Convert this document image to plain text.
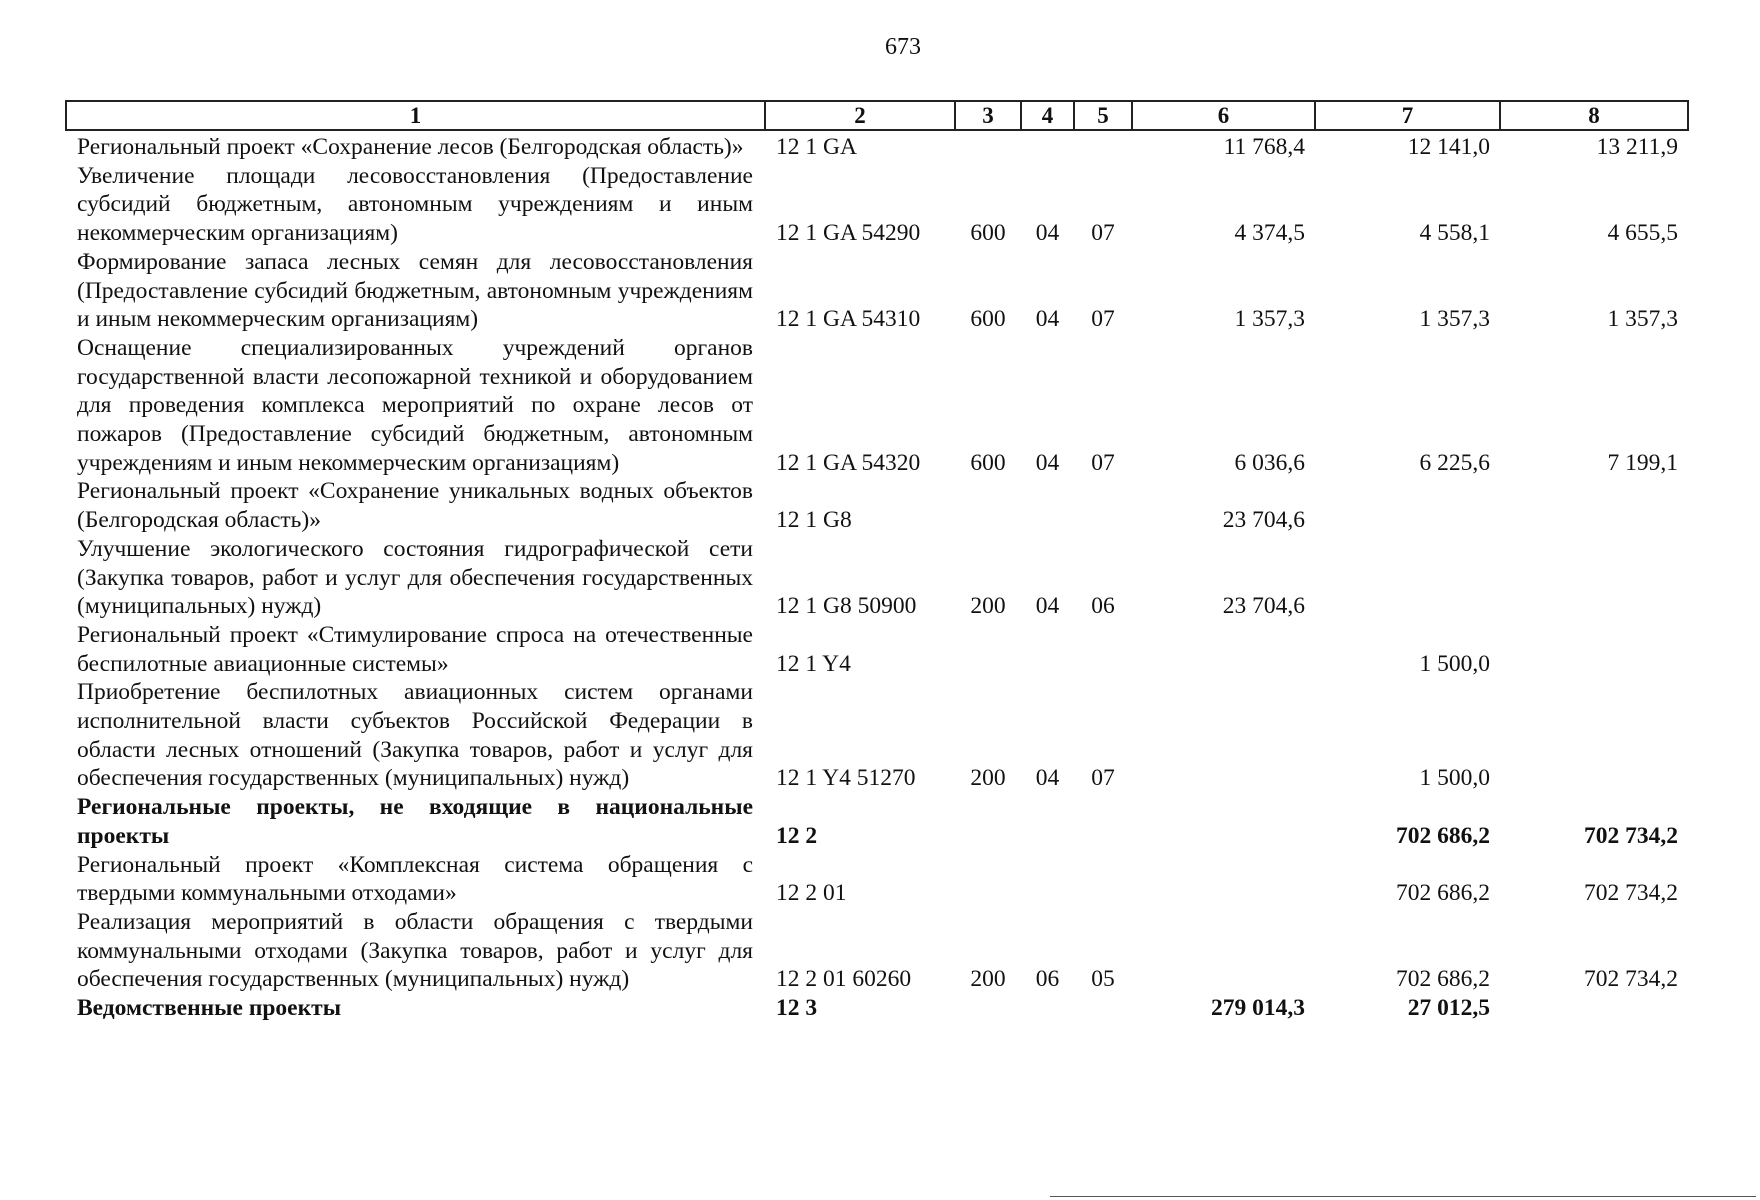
673
1	2	3	4	5	6	7	8
Региональный проект «Сохранение лесов (Белгородская область)»	12 1 GA				11 768,4	12 141,0	13 211,9
Увеличение площади лесовосстановления (Предоставление субсидий бюджетным, автономным учреждениям и иным некоммерческим организациям)	12 1 GA 54290	600	04	07	4 374,5	4 558,1	4 655,5
Формирование запаса лесных семян для лесовосстановления (Предоставление субсидий бюджетным, автономным учреждениям и иным некоммерческим организациям)	12 1 GA 54310	600	04	07	1 357,3	1 357,3	1 357,3
Оснащение специализированных учреждений органов государственной власти лесопожарной техникой и оборудованием для проведения комплекса мероприятий по охране лесов от пожаров (Предоставление субсидий бюджетным, автономным учреждениям и иным некоммерческим организациям)	12 1 GA 54320	600	04	07	6 036,6	6 225,6	7 199,1
Региональный проект «Сохранение уникальных водных объектов (Белгородская область)»	12 1 G8				23 704,6		
Улучшение экологического состояния гидрографической сети (Закупка товаров, работ и услуг для обеспечения государственных (муниципальных) нужд)	12 1 G8 50900	200	04	06	23 704,6		
Региональный проект «Стимулирование спроса на отечественные беспилотные авиационные системы»	12 1 Y4					1 500,0	
Приобретение беспилотных авиационных систем органами исполнительной власти субъектов Российской Федерации в области лесных отношений (Закупка товаров, работ и услуг для обеспечения государственных (муниципальных) нужд)	12 1 Y4 51270	200	04	07		1 500,0	
Региональные проекты, не входящие в национальные проекты	12 2					702 686,2	702 734,2
Региональный проект «Комплексная система обращения с твердыми коммунальными отходами»	12 2 01					702 686,2	702 734,2
Реализация мероприятий в области обращения с твердыми коммунальными отходами (Закупка товаров, работ и услуг для обеспечения государственных (муниципальных) нужд)	12 2 01 60260	200	06	05		702 686,2	702 734,2
Ведомственные проекты	12 3				279 014,3	27 012,5	
